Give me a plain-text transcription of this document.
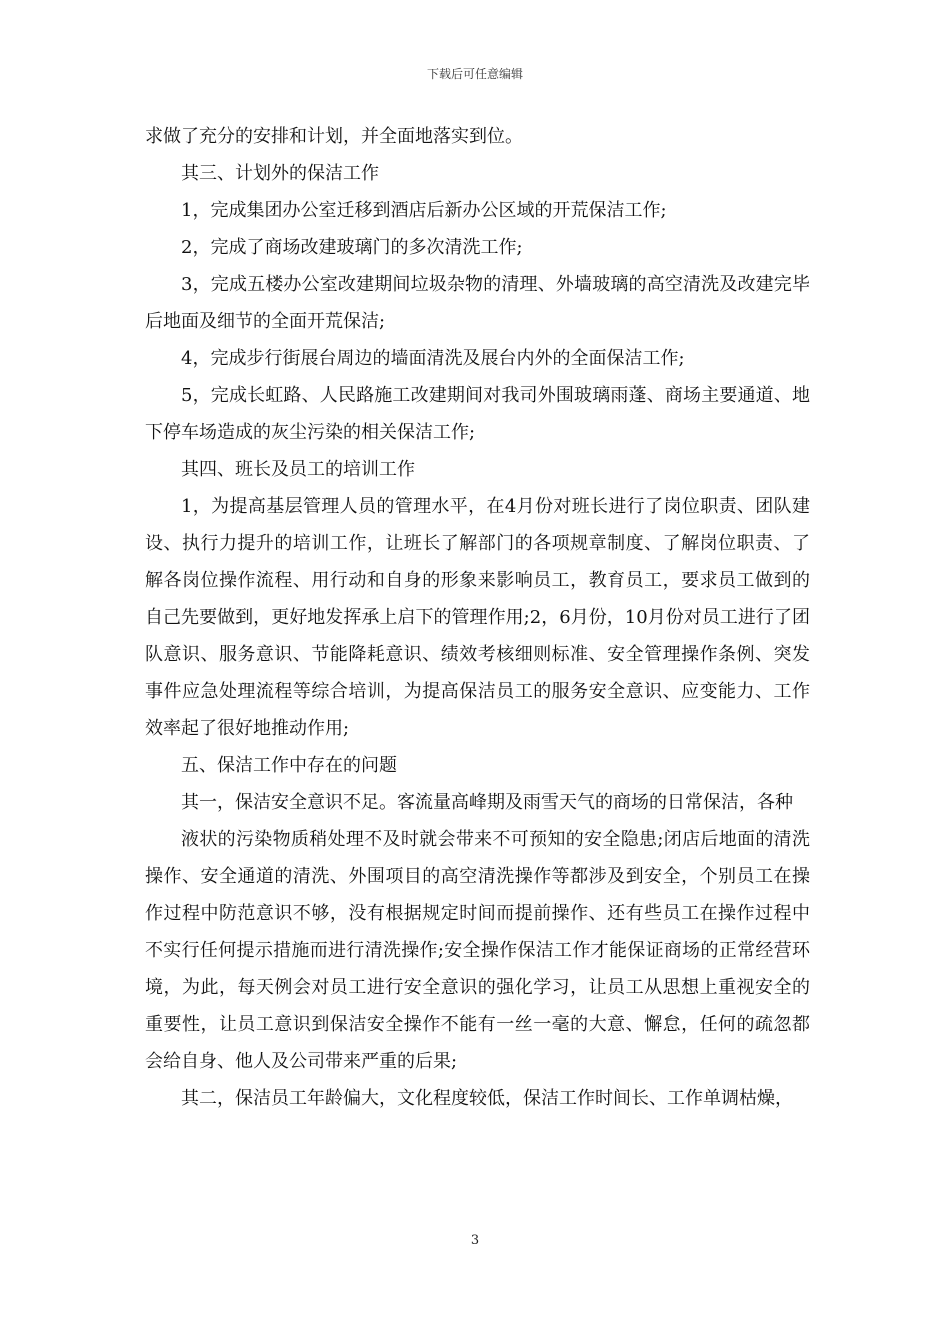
下载后可任意编辑

求做了充分的安排和计划，并全面地落实到位。

其三、计划外的保洁工作

1，完成集团办公室迁移到酒店后新办公区域的开荒保洁工作;

2，完成了商场改建玻璃门的多次清洗工作;

3，完成五楼办公室改建期间垃圾杂物的清理、外墙玻璃的高空清洗及改建完毕后地面及细节的全面开荒保洁;

4，完成步行街展台周边的墙面清洗及展台内外的全面保洁工作;

5，完成长虹路、人民路施工改建期间对我司外围玻璃雨蓬、商场主要通道、地下停车场造成的灰尘污染的相关保洁工作;

其四、班长及员工的培训工作

1，为提高基层管理人员的管理水平，在4月份对班长进行了岗位职责、团队建设、执行力提升的培训工作，让班长了解部门的各项规章制度、了解岗位职责、了解各岗位操作流程、用行动和自身的形象来影响员工，教育员工，要求员工做到的自己先要做到，更好地发挥承上启下的管理作用;2，6月份，10月份对员工进行了团队意识、服务意识、节能降耗意识、绩效考核细则标准、安全管理操作条例、突发事件应急处理流程等综合培训，为提高保洁员工的服务安全意识、应变能力、工作效率起了很好地推动作用;

五、保洁工作中存在的问题

其一，保洁安全意识不足。客流量高峰期及雨雪天气的商场的日常保洁，各种

液状的污染物质稍处理不及时就会带来不可预知的安全隐患;闭店后地面的清洗操作、安全通道的清洗、外围项目的高空清洗操作等都涉及到安全，个别员工在操作过程中防范意识不够，没有根据规定时间而提前操作、还有些员工在操作过程中不实行任何提示措施而进行清洗操作;安全操作保洁工作才能保证商场的正常经营环境，为此，每天例会对员工进行安全意识的强化学习，让员工从思想上重视安全的重要性，让员工意识到保洁安全操作不能有一丝一毫的大意、懈怠，任何的疏忽都会给自身、他人及公司带来严重的后果;

其二，保洁员工年龄偏大，文化程度较低，保洁工作时间长、工作单调枯燥，

3
